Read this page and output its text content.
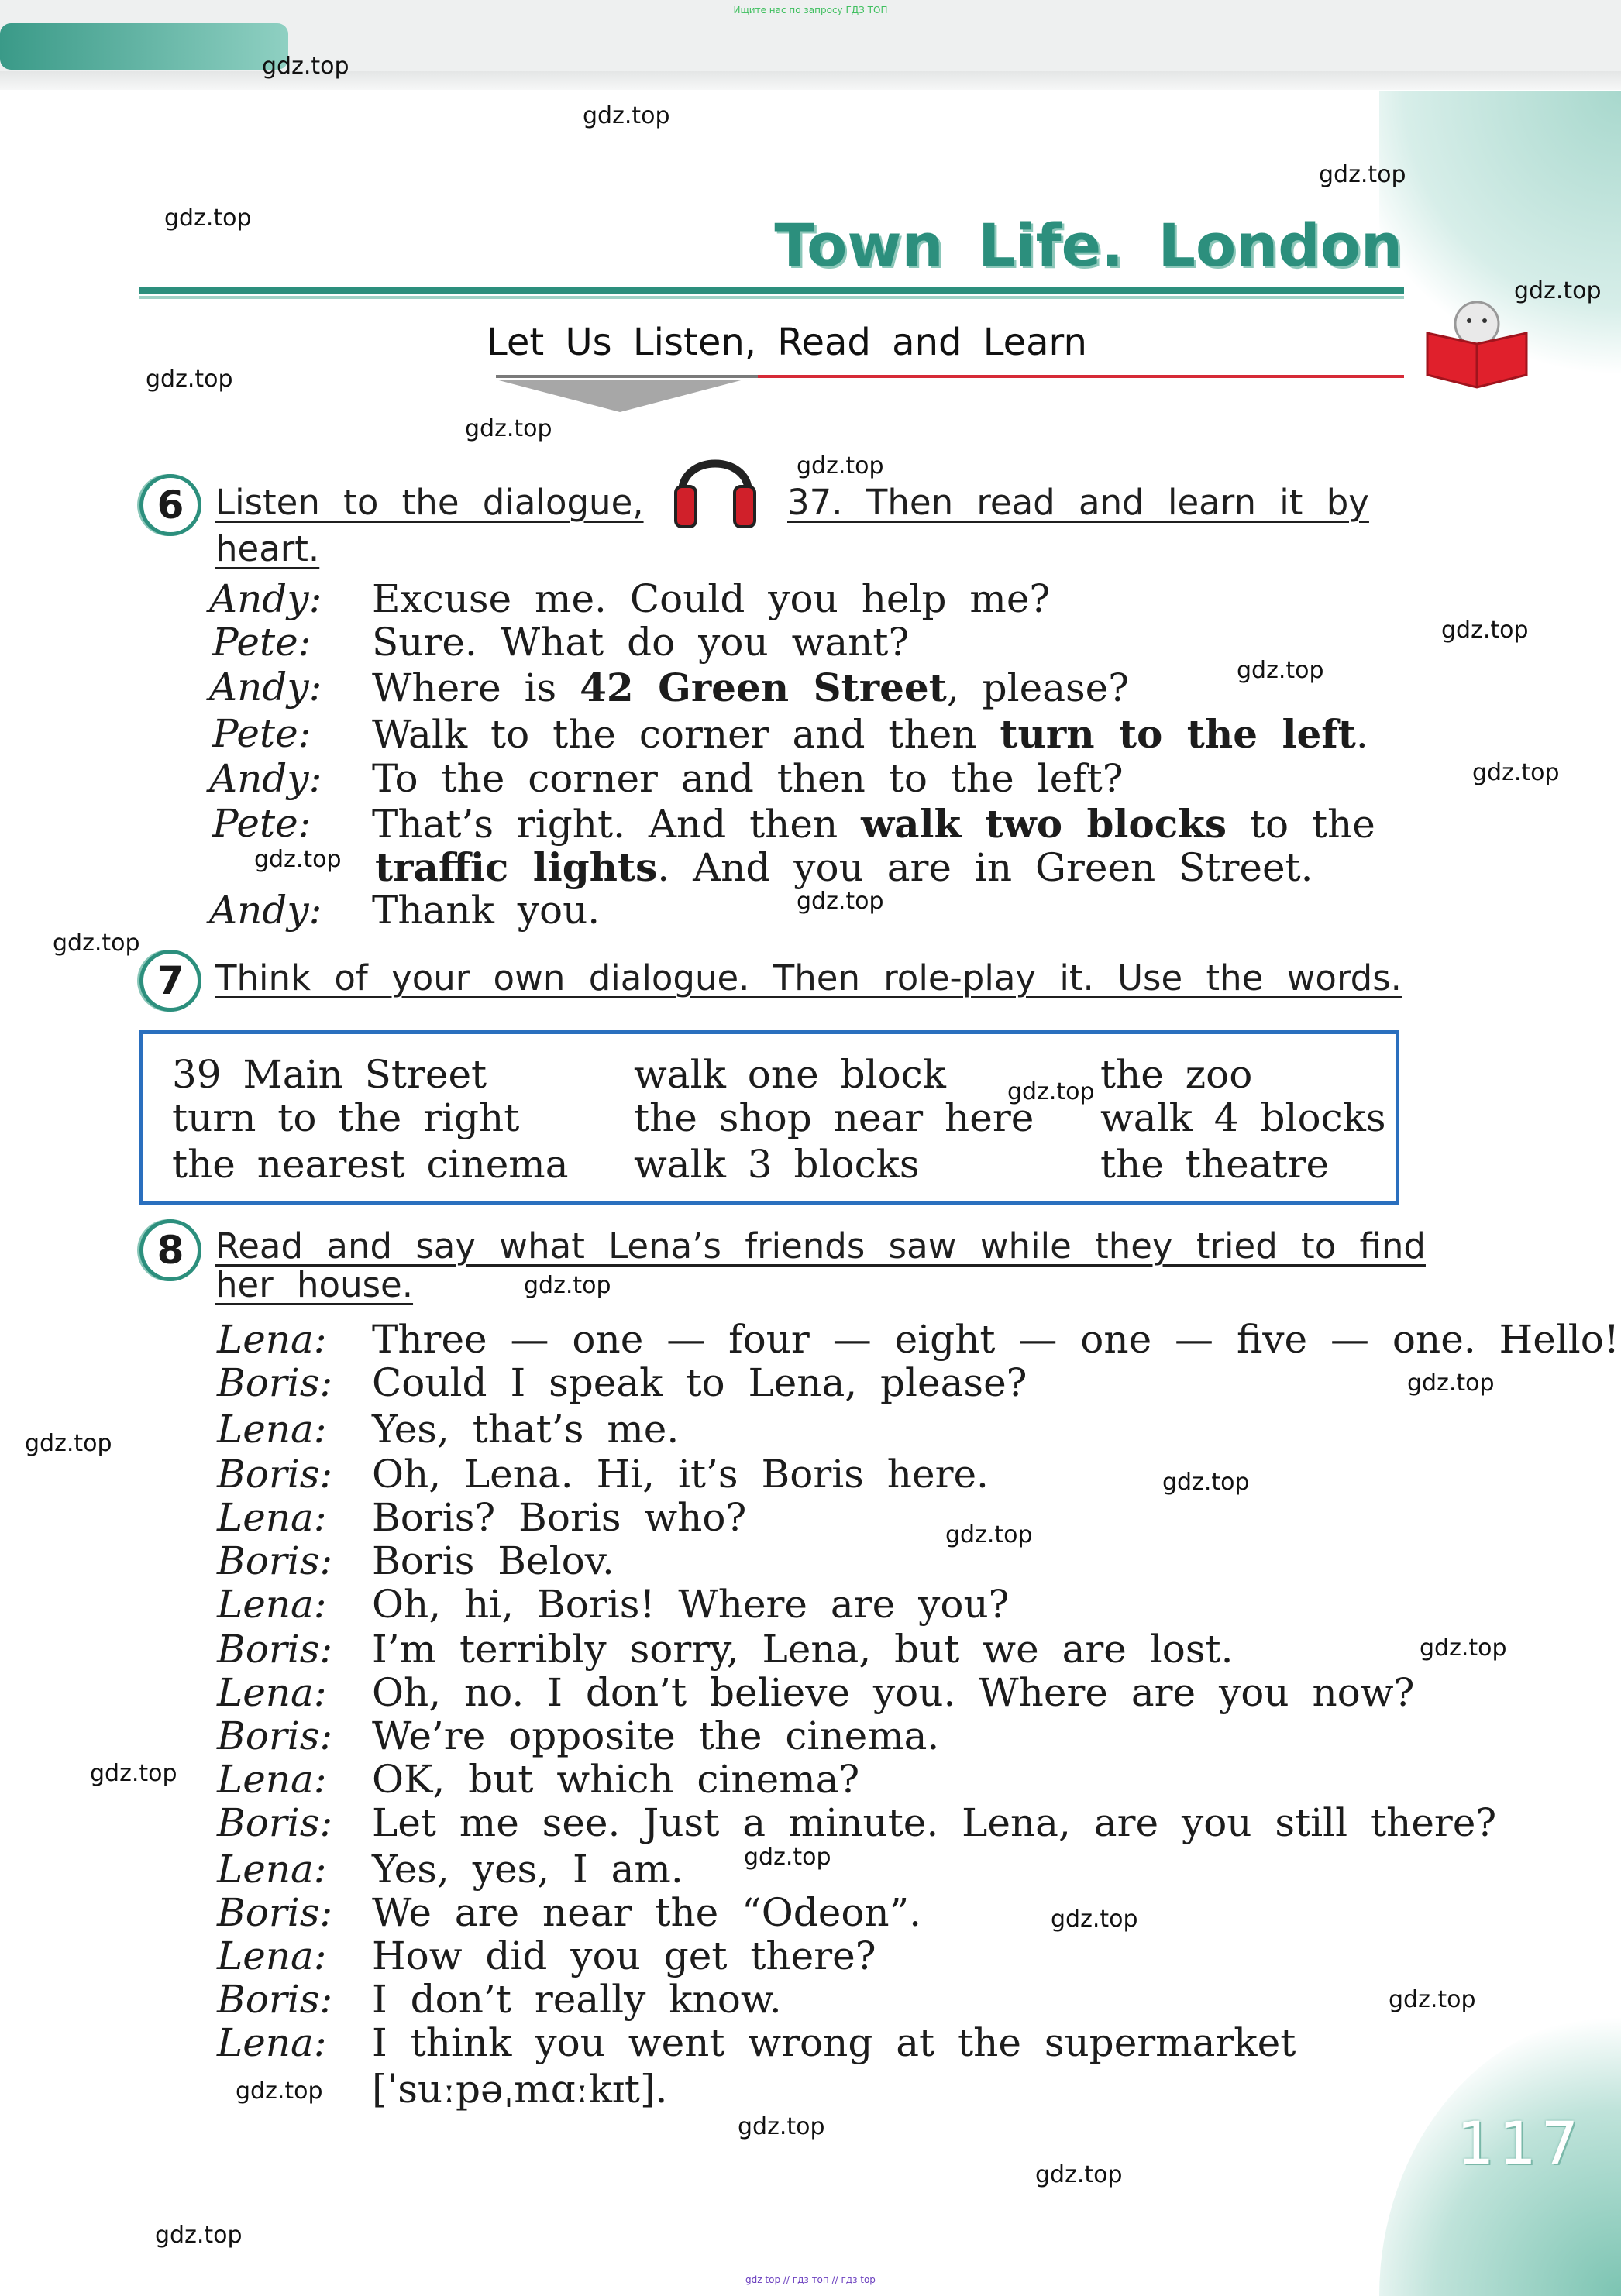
Ищите нас по запросу ГДЗ ТОП
Town Life. London
Let Us Listen, Read and Learn
6 Listen to the dialogue,	37. Then read and learn it by
heart.
Andy: Excuse me. Could you help me?
Pete: Sure. What do you want?
Andy: Where is 42 Green Street, please?
Pete: Walk to the corner and then turn to the left.
Andy: To the corner and then to the left?
Pete: That’s right. And then walk two blocks to the
traffic lights. And you are in Green Street.
Andy: Thank you.
7 Think of your own dialogue. Then role-play it. Use the words.
39 Main Street
turn to the right
the nearest cinema
walk one block
the shop near here
walk 3 blocks
the zoo
walk 4 blocks
the theatre
8 Read and say what Lena’s friends saw while they tried to find
her house.
Lena: Three — one — four — eight — one — five — one. Hello!
Boris: Could I speak to Lena, please?
Lena: Yes, that’s me.
Boris: Oh, Lena. Hi, it’s Boris here.
Lena: Boris? Boris who?
Boris: Boris Belov.
Lena: Oh, hi, Boris! Where are you?
Boris: I’m terribly sorry, Lena, but we are lost.
Lena: Oh, no. I don’t believe you. Where are you now?
Boris: We’re opposite the cinema.
Lena: OK, but which cinema?
Boris: Let me see. Just a minute. Lena, are you still there?
Lena: Yes, yes, I am.
Boris: We are near the “Odeon”.
Lena: How did you get there?
Boris: I don’t really know.
Lena: I think you went wrong at the supermarket
[ˈsuːpəˌmɑːkɪt].
117
gdz.top
gdz.top
gdz.top
gdz.top
gdz.top
gdz.top
gdz.top
gdz.top
gdz.top
gdz.top
gdz.top
gdz.top
gdz.top
gdz.top
gdz.top
gdz.top
gdz.top
gdz.top
gdz.top
gdz.top
gdz.top
gdz.top
gdz.top
gdz.top
gdz.top
gdz.top
gdz.top
gdz.top
gdz.top
gdz top // гдз топ // гдз top
